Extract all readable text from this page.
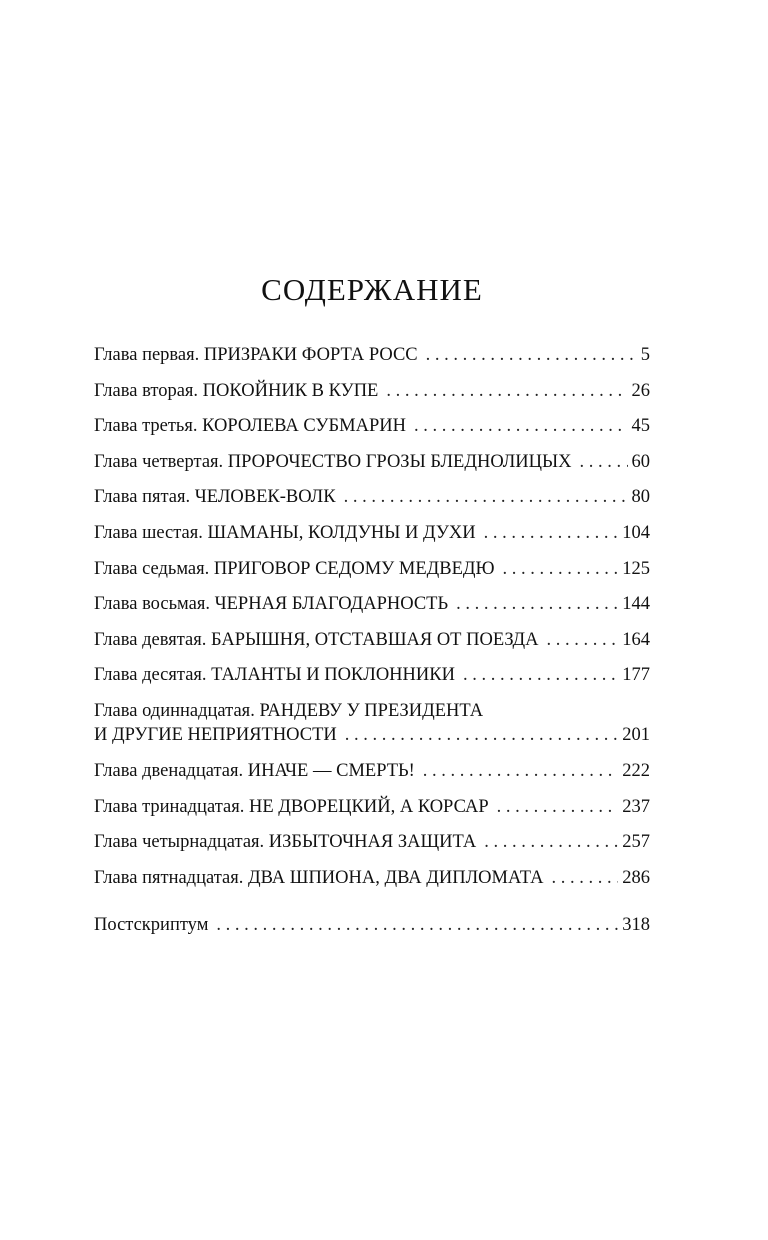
СОДЕРЖАНИЕ
Глава первая. ПРИЗРАКИ ФОРТА РОСС . . .	5
Глава вторая. ПОКОЙНИК В КУПЕ . . .	26
Глава третья. КОРОЛЕВА СУБМАРИН . . .	45
Глава четвертая. ПРОРОЧЕСТВО ГРОЗЫ БЛЕДНОЛИЦЫХ . . .	60
Глава пятая. ЧЕЛОВЕК-ВОЛК . . .	80
Глава шестая. ШАМАНЫ, КОЛДУНЫ И ДУХИ . . .	104
Глава седьмая. ПРИГОВОР СЕДОМУ МЕДВЕДЮ . . .	125
Глава восьмая. ЧЕРНАЯ БЛАГОДАРНОСТЬ . . .	144
Глава девятая. БАРЫШНЯ, ОТСТАВШАЯ ОТ ПОЕЗДА . . .	164
Глава десятая. ТАЛАНТЫ И ПОКЛОННИКИ . . .	177
Глава одиннадцатая. РАНДЕВУ У ПРЕЗИДЕНТА
И ДРУГИЕ НЕПРИЯТНОСТИ . . .	201
Глава двенадцатая. ИНАЧЕ — СМЕРТЬ! . . .	222
Глава тринадцатая. НЕ ДВОРЕЦКИЙ, А КОРСАР . . .	237
Глава четырнадцатая. ИЗБЫТОЧНАЯ ЗАЩИТА . . .	257
Глава пятнадцатая. ДВА ШПИОНА, ДВА ДИПЛОМАТА . . .	286
Постскриптум . . .	318
